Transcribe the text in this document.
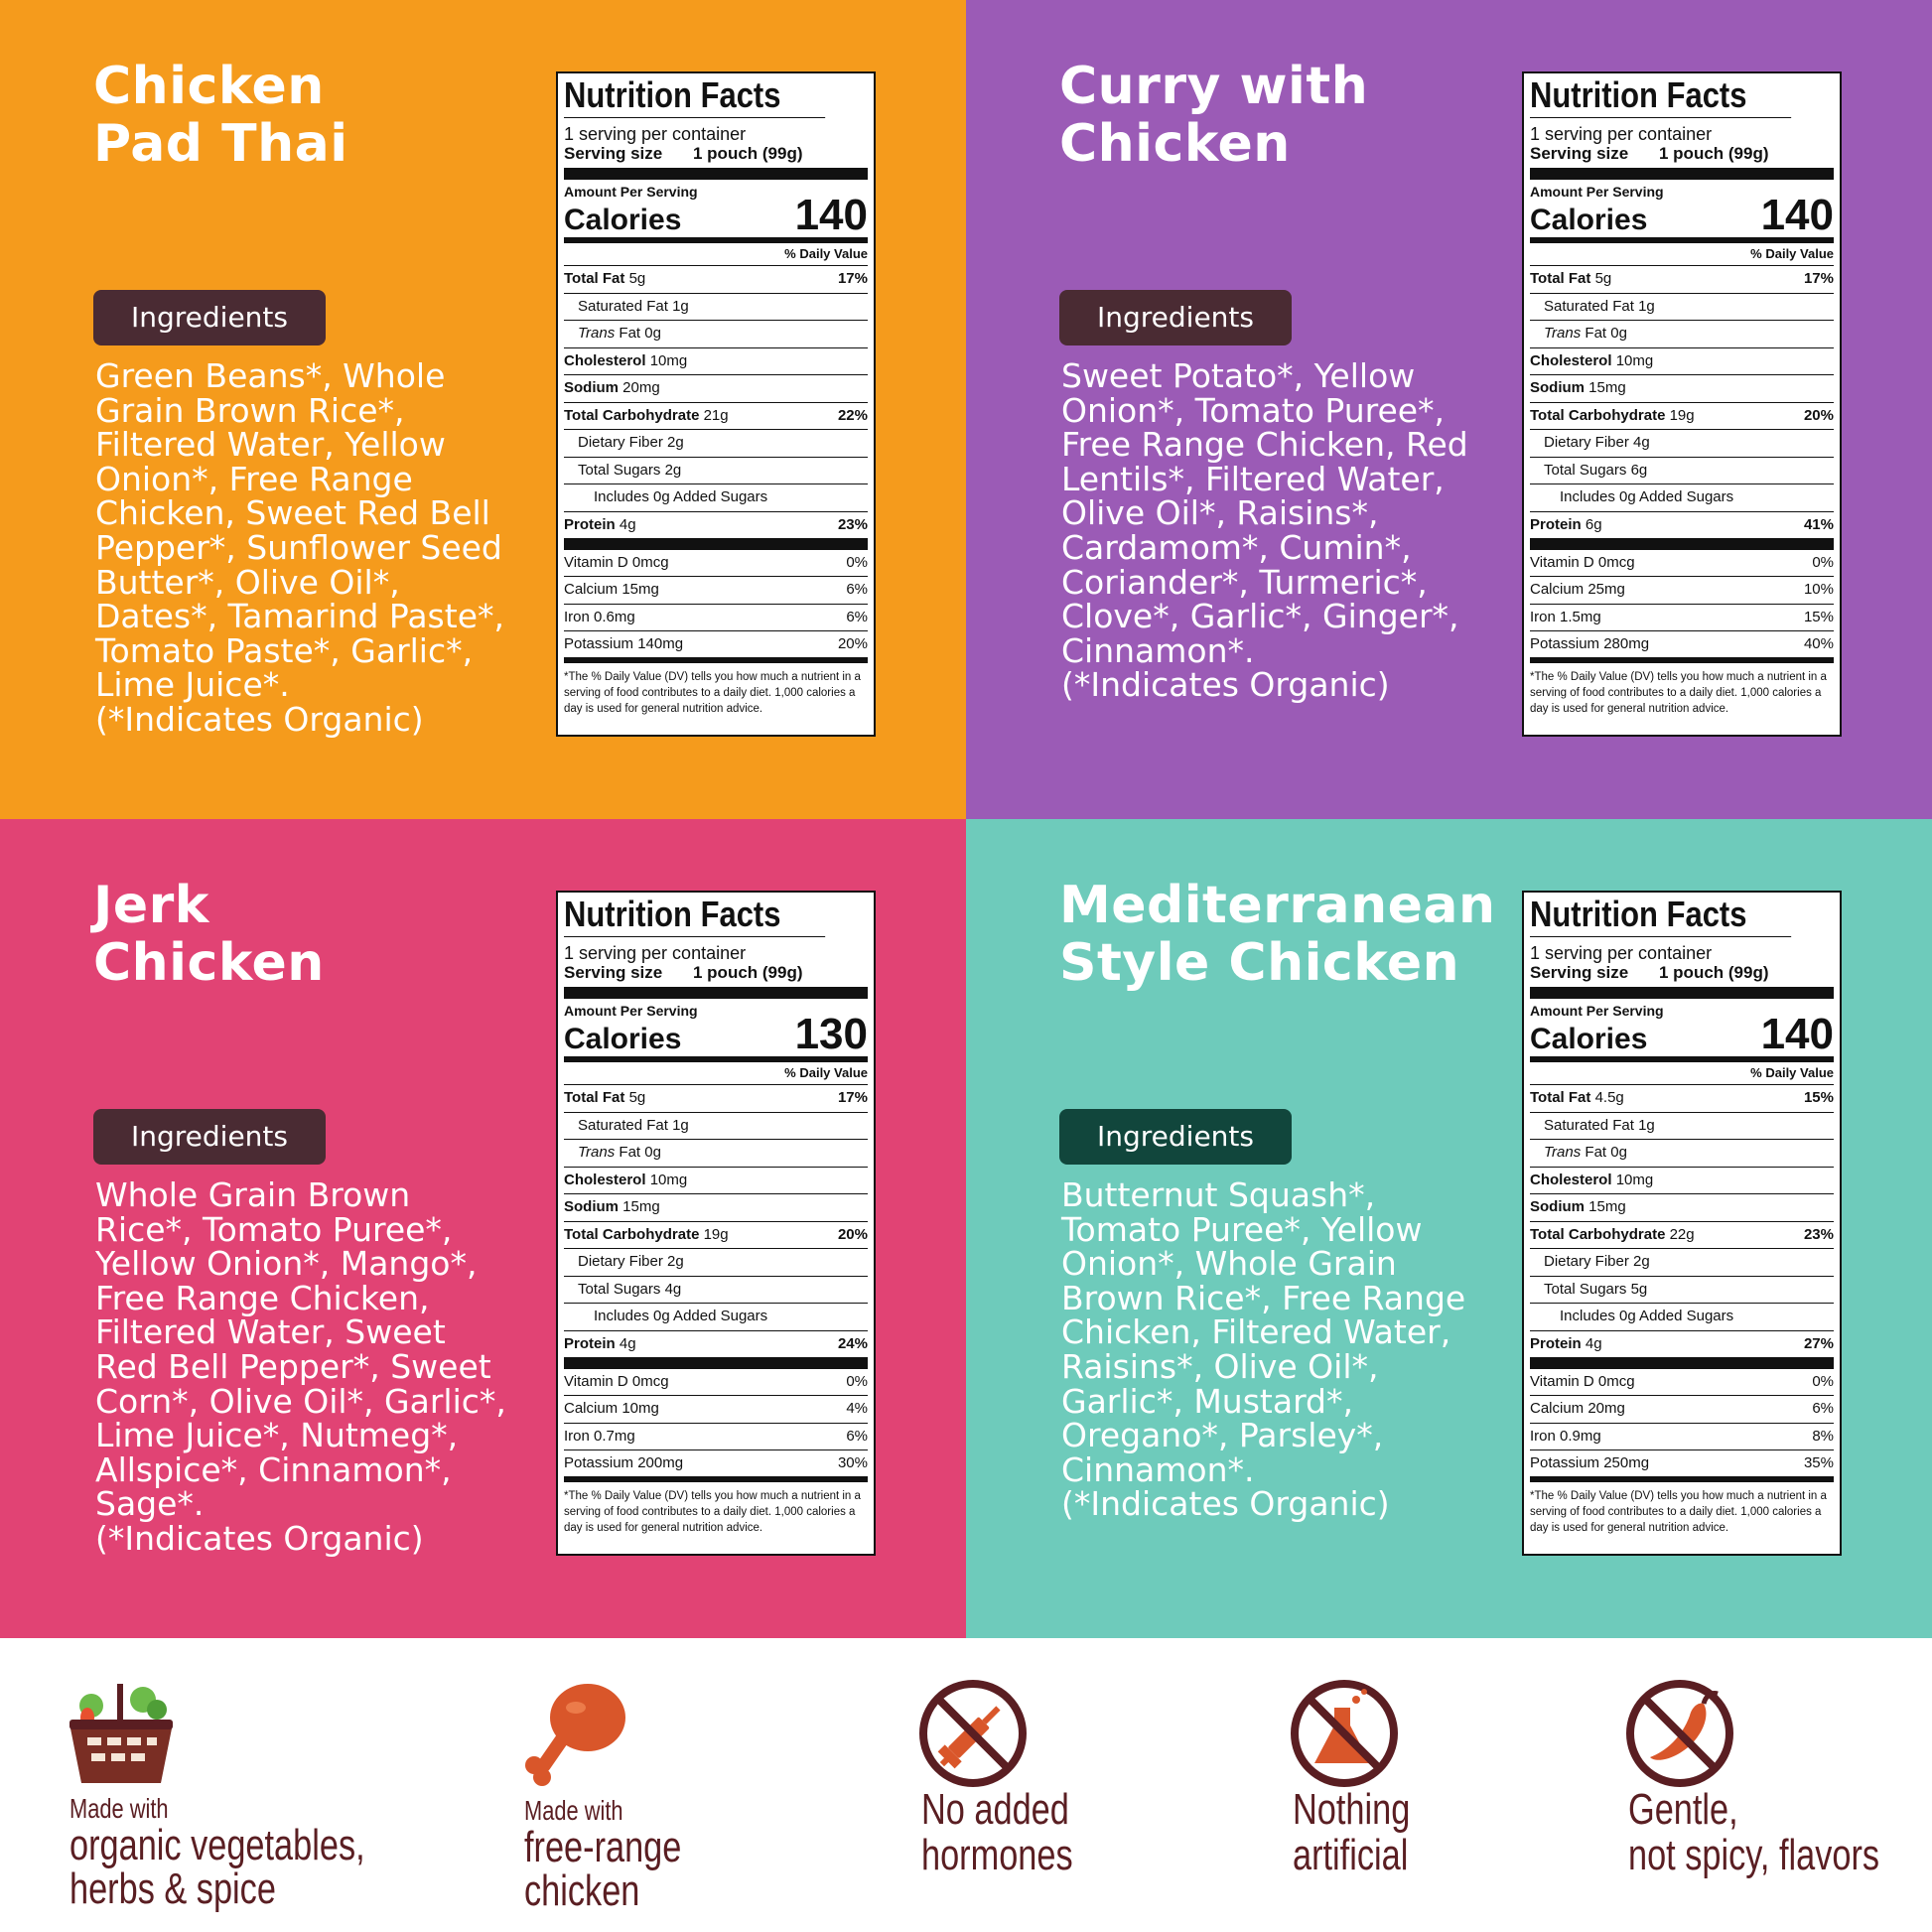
Chicken
Pad Thai
Ingredients
Green Beans*, Whole
Grain Brown Rice*,
Filtered Water, Yellow
Onion*, Free Range
Chicken, Sweet Red Bell
Pepper*, Sunflower Seed
Butter*, Olive Oil*,
Dates*, Tamarind Paste*,
Tomato Paste*, Garlic*,
Lime Juice*.
(*Indicates Organic)
Nutrition Facts
1 serving per container
Serving size	1 pouch (99g)
Amount Per Serving
Calories	140
% Daily Value
Total Fat 5g	17%
Saturated Fat 1g
Trans Fat 0g
Cholesterol 10mg
Sodium 20mg
Total Carbohydrate 21g	22%
Dietary Fiber 2g
Total Sugars 2g
Includes 0g Added Sugars
Protein 4g	23%
Vitamin D 0mcg	0%
Calcium 15mg	6%
Iron 0.6mg	6%
Potassium 140mg	20%
*The % Daily Value (DV) tells you how much a nutrient in a serving of food contributes to a daily diet. 1,000 calories a day is used for general nutrition advice.
Curry with
Chicken
Ingredients
Sweet Potato*, Yellow
Onion*, Tomato Puree*,
Free Range Chicken, Red
Lentils*, Filtered Water,
Olive Oil*, Raisins*,
Cardamom*, Cumin*,
Coriander*, Turmeric*,
Clove*, Garlic*, Ginger*,
Cinnamon*.
(*Indicates Organic)
Nutrition Facts
1 serving per container
Serving size	1 pouch (99g)
Amount Per Serving
Calories	140
% Daily Value
Total Fat 5g	17%
Saturated Fat 1g
Trans Fat 0g
Cholesterol 10mg
Sodium 15mg
Total Carbohydrate 19g	20%
Dietary Fiber 4g
Total Sugars 6g
Includes 0g Added Sugars
Protein 6g	41%
Vitamin D 0mcg	0%
Calcium 25mg	10%
Iron 1.5mg	15%
Potassium 280mg	40%
*The % Daily Value (DV) tells you how much a nutrient in a serving of food contributes to a daily diet. 1,000 calories a day is used for general nutrition advice.
Jerk
Chicken
Ingredients
Whole Grain Brown
Rice*, Tomato Puree*,
Yellow Onion*, Mango*,
Free Range Chicken,
Filtered Water, Sweet
Red Bell Pepper*, Sweet
Corn*, Olive Oil*, Garlic*,
Lime Juice*, Nutmeg*,
Allspice*, Cinnamon*,
Sage*.
(*Indicates Organic)
Nutrition Facts
1 serving per container
Serving size	1 pouch (99g)
Amount Per Serving
Calories	130
% Daily Value
Total Fat 5g	17%
Saturated Fat 1g
Trans Fat 0g
Cholesterol 10mg
Sodium 15mg
Total Carbohydrate 19g	20%
Dietary Fiber 2g
Total Sugars 4g
Includes 0g Added Sugars
Protein 4g	24%
Vitamin D 0mcg	0%
Calcium 10mg	4%
Iron 0.7mg	6%
Potassium 200mg	30%
*The % Daily Value (DV) tells you how much a nutrient in a serving of food contributes to a daily diet. 1,000 calories a day is used for general nutrition advice.
Mediterranean
Style Chicken
Ingredients
Butternut Squash*,
Tomato Puree*, Yellow
Onion*, Whole Grain
Brown Rice*, Free Range
Chicken, Filtered Water,
Raisins*, Olive Oil*,
Garlic*, Mustard*,
Oregano*, Parsley*,
Cinnamon*.
(*Indicates Organic)
Nutrition Facts
1 serving per container
Serving size	1 pouch (99g)
Amount Per Serving
Calories	140
% Daily Value
Total Fat 4.5g	15%
Saturated Fat 1g
Trans Fat 0g
Cholesterol 10mg
Sodium 15mg
Total Carbohydrate 22g	23%
Dietary Fiber 2g
Total Sugars 5g
Includes 0g Added Sugars
Protein 4g	27%
Vitamin D 0mcg	0%
Calcium 20mg	6%
Iron 0.9mg	8%
Potassium 250mg	35%
*The % Daily Value (DV) tells you how much a nutrient in a serving of food contributes to a daily diet. 1,000 calories a day is used for general nutrition advice.
Made with
organic vegetables,
herbs & spice
Made with
free-range
chicken
No added
hormones
Nothing
artificial
Gentle,
not spicy, flavors
